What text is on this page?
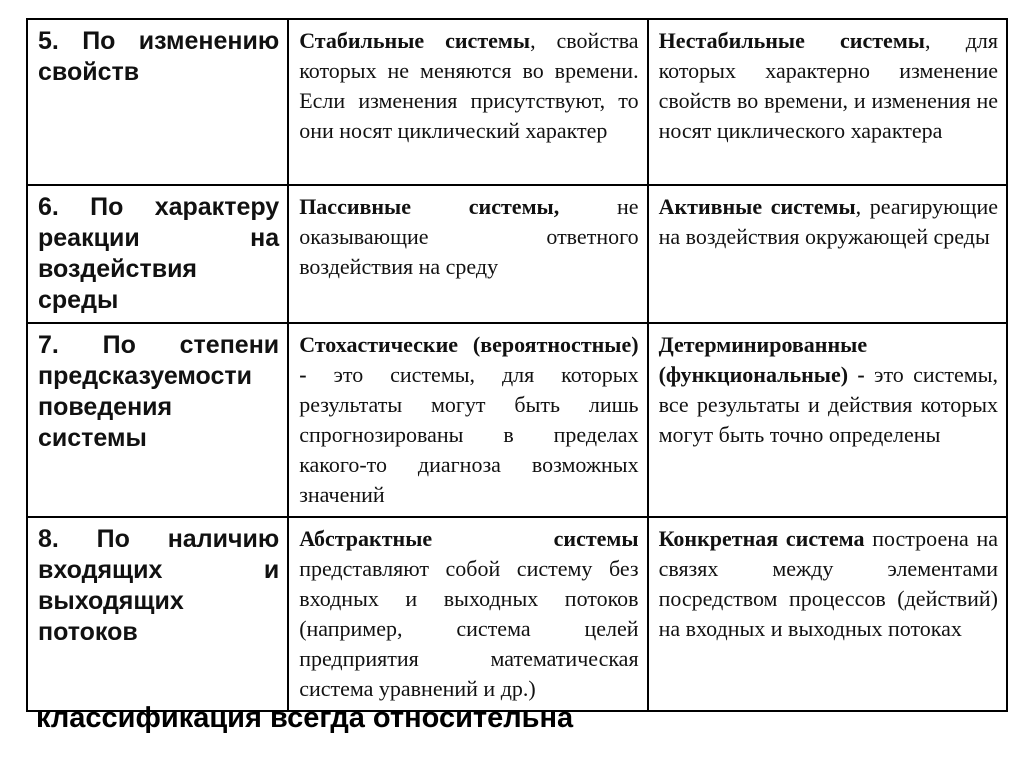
5. По изменению свойств	Стабильные системы, свойства которых не меняются во времени. Если изменения присутствуют, то они носят циклический характер	Нестабильные системы, для которых характерно изменение свойств во времени, и изменения не носят циклического характера
6. По характеру реакции на воздействия среды	Пассивные системы, не оказывающие ответного воздействия на среду	Активные системы, реагирующие на воздействия окружающей среды
7. По степени предсказуемости поведения системы	Стохастические (вероятностные) - это системы, для которых результаты могут быть лишь спрогнозированы в пределах какого-то диагноза возможных значений	Детерминированные (функциональные) - это системы, все результаты и действия которых могут быть точно определены
8. По наличию входящих и выходящих потоков	Абстрактные системы представляют собой систему без входных и выходных потоков (например, система целей предприятия математическая система уравнений и др.)	Конкретная система построена на связях между элементами посредством процессов (действий) на входных и выходных потоках

классификация всегда относительна
